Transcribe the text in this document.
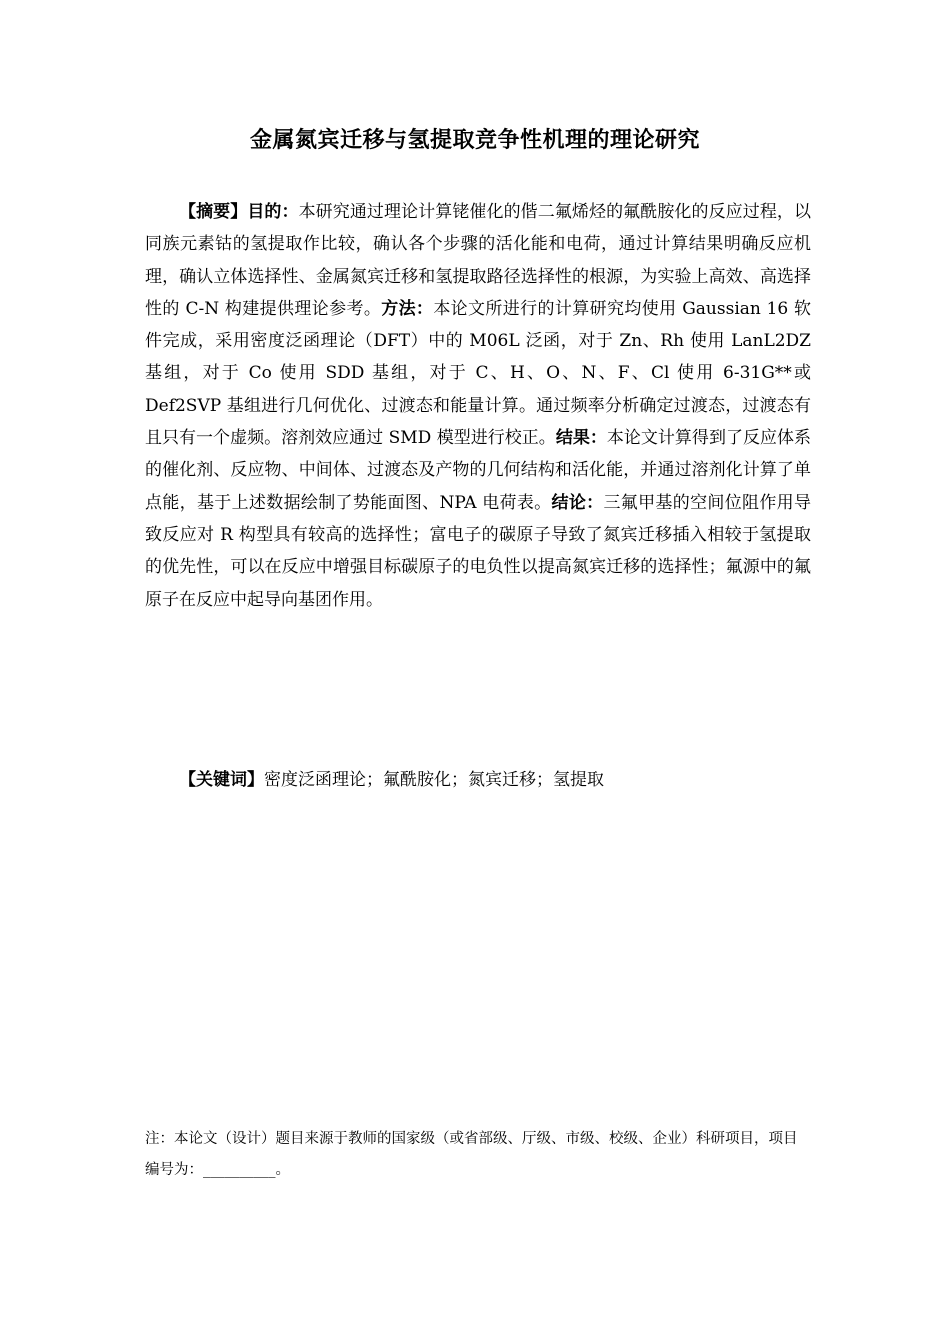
金属氮宾迁移与氢提取竞争性机理的理论研究

【摘要】目的：本研究通过理论计算铑催化的偕二氟烯烃的氟酰胺化的反应过程，以同族元素钴的氢提取作比较，确认各个步骤的活化能和电荷，通过计算结果明确反应机理，确认立体选择性、金属氮宾迁移和氢提取路径选择性的根源，为实验上高效、高选择性的 C-N 构建提供理论参考。方法：本论文所进行的计算研究均使用 Gaussian 16 软件完成，采用密度泛函理论（DFT）中的 M06L 泛函，对于 Zn、Rh 使用 LanL2DZ 基组，对于 Co 使用 SDD 基组，对于 C、H、O、N、F、Cl 使用 6-31G**或 Def2SVP 基组进行几何优化、过渡态和能量计算。通过频率分析确定过渡态，过渡态有且只有一个虚频。溶剂效应通过 SMD 模型进行校正。结果：本论文计算得到了反应体系的催化剂、反应物、中间体、过渡态及产物的几何结构和活化能，并通过溶剂化计算了单点能，基于上述数据绘制了势能面图、NPA 电荷表。结论：三氟甲基的空间位阻作用导致反应对 R 构型具有较高的选择性；富电子的碳原子导致了氮宾迁移插入相较于氢提取的优先性，可以在反应中增强目标碳原子的电负性以提高氮宾迁移的选择性；氟源中的氟原子在反应中起导向基团作用。

【关键词】密度泛函理论；氟酰胺化；氮宾迁移；氢提取

注：本论文（设计）题目来源于教师的国家级（或省部级、厅级、市级、校级、企业）科研项目，项目编号为：__________。
